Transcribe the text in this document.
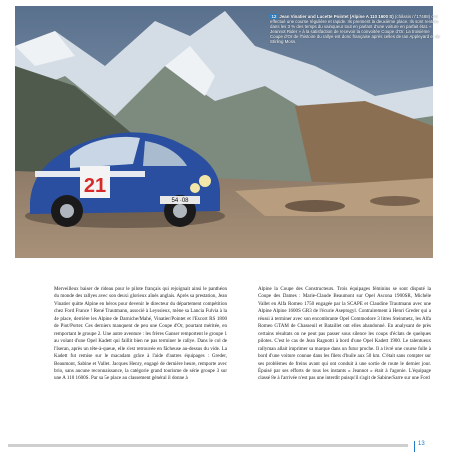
21
54 ·08
12 Jean Vinatier and Lucette Pointet (Alpine A 110 1600 S) (châssis n°17488) ont effectué une course régulière et rapide. Ils prennent la deuxième place. Ils sont rentrés dans les 3 % des temps du vainqueur tout en parlant d'une voiture en parfait état. « Jeannot Rider » à la satisfaction de recevoir la convoitée Coupe d'Or. La troisième Coupe d'Or de l'histoire du rallye est donc française après celles de Ian Appleyard et de Stirling Moss.
Merveilleux baiser de rideau pour le pilote français qui rejoignait ainsi le panthéon du monde des rallyes avec son deuxi glorieux aînés anglais. Après sa prestation, Jean Vinatier quitte Alpine en héros pour devenir le directeur du département compétition chez Ford France ! René Trautmann, associé à Leyssieux, mène sa Lancia Fulvia à la 4e place, derrière les Alpine de Darniche/Mahé, Vinatier/Pointet et l'Escort RS 1800 de Piot/Porter. Ces derniers manquent de peu une Coupe d'Or, pourtant méritée, en remportant le groupe 2. Une autre aventure : les frères Ganser remportent le groupe 1 au volant d'une Opel Kadett qui faillit bien ne pas terminer le rallye. Dans le col de l'Iseran, après un tête-à-queue, elle s'est retrouvée en fâcheuse au-dessus du vide. La Kadett fut remise sur le macadam grâce à l'aide d'autres équipages : Greder, Beaumont, Sabine et Vallet. Jacques Henry, engagé de dernière heure, remporte avec brio, sans aucune reconnaissance, la catégorie grand tourisme de série groupe 3 sur une A 110 1600S. Par sa 5e place au classement général il donne à
Alpine la Coupe des Constructeurs. Trois équipages féminins se sont disputé la Coupe des Dames : Marie-Claude Beaumont sur Opel Ascona 1900SR, Michèle Vallet en Alfa Romeo 1750 engagée par la SCAPE et Claudine Trautmann avec une Alpine Alpine 1600S GR3 de l'écurie Aseptogyl. Contrairement à Henri Greder qui a réussi à terminer avec son encombrante Opel Commodore 3 litres Steinmetz, les Alfa Romeo GTAM de Chasseuil et Bataillet ont elles abandonné. En analysant de près certains résultats on ne peut pas passer sous silence les coups d'éclats de quelques pilotes. C'est le cas de Jean Ragnotti à bord d'une Opel Kadett 1900. Le talentueux rallyman allait imprimer sa marque dans un futur proche. Il a livré une course folle à bord d'une voiture connue dans les filets d'huile aux 50 km. C'était sans compter sur ses problèmes de freins avant qui ont conduit à une sortie de route le dernier jour. Épuisé par ses efforts de tous les instants « Jeannot » était à l'agonie. L'équipage classé 8e à l'arrivée n'est pas une interdit puisqu'il s'agit de Sabine/Sarre sur une Ford
13
